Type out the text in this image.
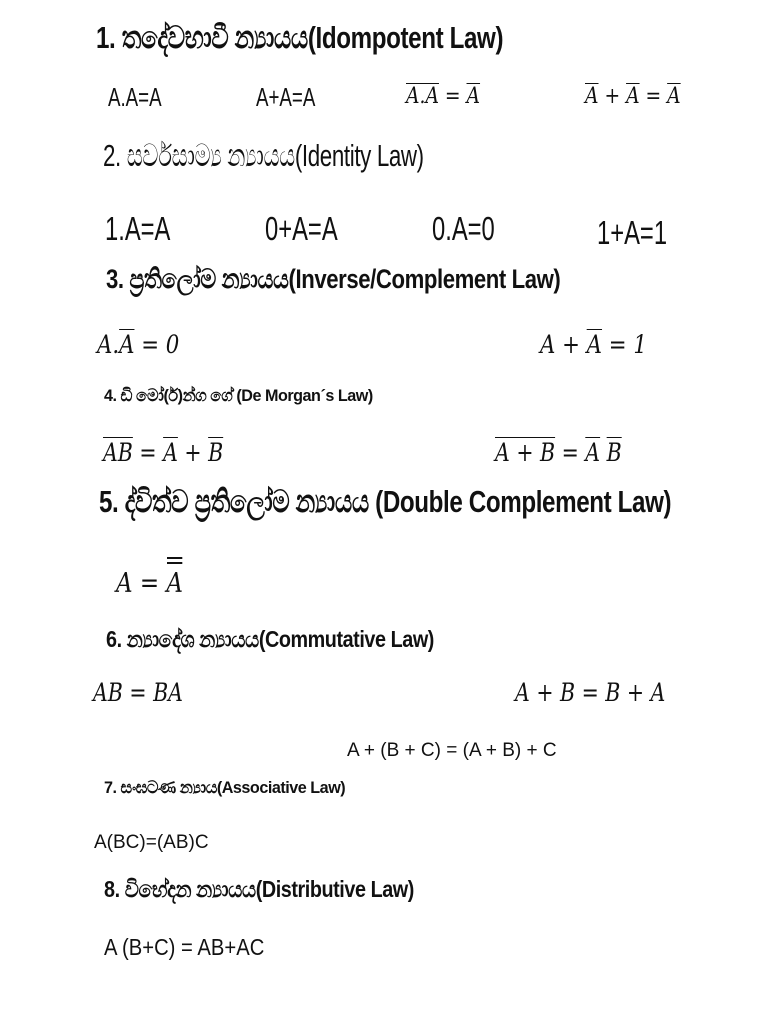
1. තදේවභාවී න්‍යායය(Idompotent Law)
A.A=A	A+A=A	$A.A = \overline{A}$	$\overline{A} + \overline{A} = \overline{A}$
2. සර්වසාම්‍ය න්‍යායය(Identity Law)
1.A=A	0+A=A	0.A=0	1+A=1
3. ප්‍රතිලෝම න්‍යායය(Inverse/Complement Law)
$A.\overline{A} = 0$	$A + \overline{A} = 1$
4. ඩි මෝ(ර්)න්ග ගේ (De Morgan´s Law)
$\overline{AB} = \overline{A} + \overline{B}$	$A + B = \overline{A}$ $\overline{B}$
5. ද්විත්ව ප්‍රතිලෝම න්‍යායය (Double Complement Law)
A = A
6. න්‍යාදේශ න්‍යායය(Commutative Law)
AB = BA	A + B = B + A
A + (B + C) = (A + B) + C
7. සංඝටණ න්‍යාය(Associative Law)
A(BC)=(AB)C
8. විභේදන න්‍යායය(Distributive Law)
A (B+C) = AB+AC
